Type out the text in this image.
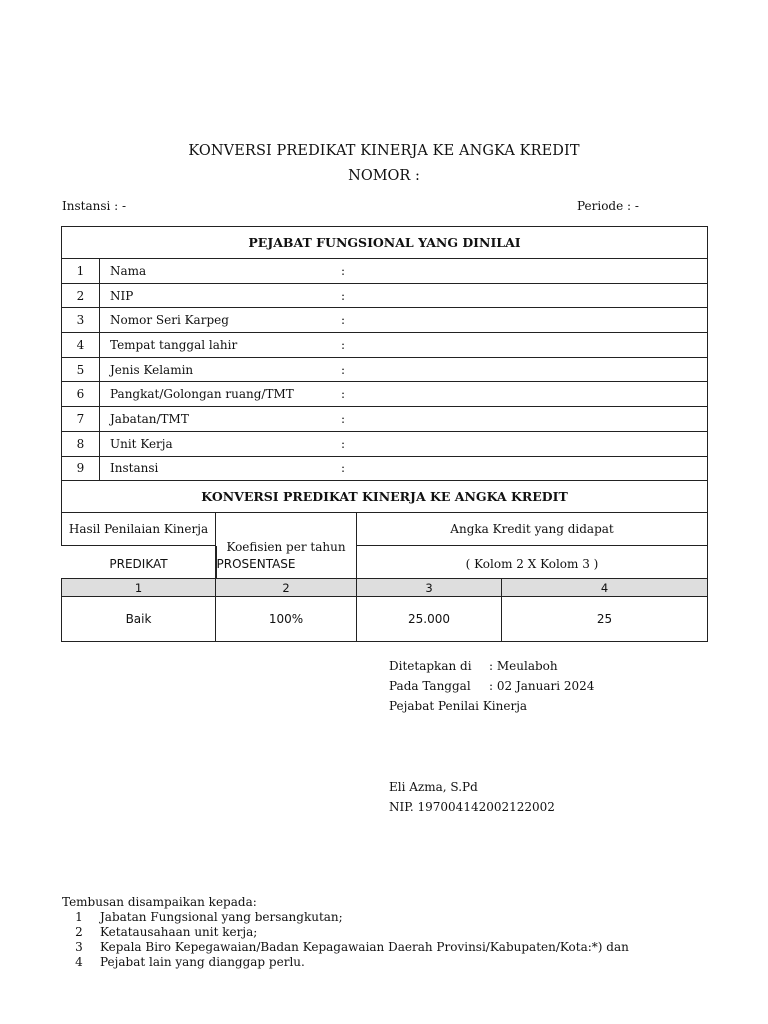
KONVERSI PREDIKAT KINERJA KE ANGKA KREDIT
NOMOR :
Instansi : -	Periode : -
PEJABAT FUNGSIONAL YANG DINILAI
1	Nama	:

2	NIP	:

3	Nomor Seri Karpeg	:

4	Tempat tanggal lahir	:

5	Jenis Kelamin	:

6	Pangkat/Golongan ruang/TMT	:

7	Jabatan/TMT	:

8	Unit Kerja	:

9	Instansi	:

KONVERSI PREDIKAT KINERJA KE ANGKA KREDIT
Hasil Penilaian Kinerja	Koefisien per tahun	Angka Kredit yang didapat

PREDIKAT	PROSENTASE
		( Kolom 2 X Kolom 3 )
1	2	3	4
Baik	100%	25.000	25
Ditetapkan di : Meulaboh
Pada Tanggal : 02 Januari 2024
Pejabat Penilai Kinerja
Eli Azma, S.Pd
NIP. 197004142002122002
Tembusan disampaikan kepada:
1 Jabatan Fungsional yang bersangkutan;
2 Ketatausahaan unit kerja;
3 Kepala Biro Kepegawaian/Badan Kepagawaian Daerah Provinsi/Kabupaten/Kota:*) dan
4 Pejabat lain yang dianggap perlu.
